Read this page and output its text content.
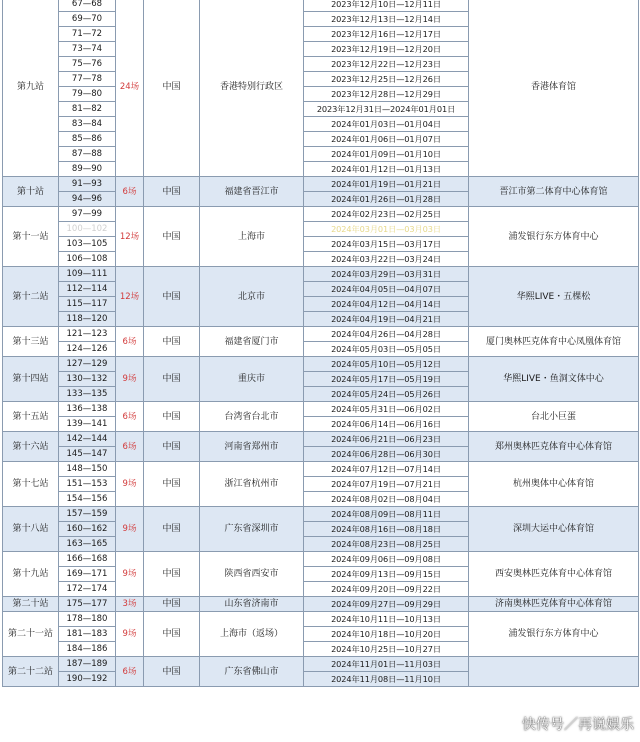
第九站	67—68	24场	中国	香港特别行政区	2023年12月10日—12月11日	香港体育馆
	69—70				2023年12月13日—12月14日	
	71—72				2023年12月16日—12月17日	
	73—74				2023年12月19日—12月20日	
	75—76				2023年12月22日—12月23日	
	77—78				2023年12月25日—12月26日	
	79—80				2023年12月28日—12月29日	
	81—82				2023年12月31日—2024年01月01日	
	83—84				2024年01月03日—01月04日	
	85—86				2024年01月06日—01月07日	
	87—88				2024年01月09日—01月10日	
	89—90				2024年01月12日—01月13日	
第十站	91—93	6场	中国	福建省晋江市	2024年01月19日—01月21日	晋江市第二体育中心体育馆
	94—96				2024年01月26日—01月28日	
第十一站	97—99	12场	中国	上海市	2024年02月23日—02月25日	浦发银行东方体育中心
	100—102				2024年03月01日—03月03日	
	103—105				2024年03月15日—03月17日	
	106—108				2024年03月22日—03月24日	
第十二站	109—111	12场	中国	北京市	2024年03月29日—03月31日	华熙LIVE・五棵松
	112—114				2024年04月05日—04月07日	
	115—117				2024年04月12日—04月14日	
	118—120				2024年04月19日—04月21日	
第十三站	121—123	6场	中国	福建省厦门市	2024年04月26日—04月28日	厦门奥林匹克体育中心凤凰体育馆
	124—126				2024年05月03日—05月05日	
第十四站	127—129	9场	中国	重庆市	2024年05月10日—05月12日	华熙LIVE・鱼洞文体中心
	130—132				2024年05月17日—05月19日	
	133—135				2024年05月24日—05月26日	
第十五站	136—138	6场	中国	台湾省台北市	2024年05月31日—06月02日	台北小巨蛋
	139—141				2024年06月14日—06月16日	
第十六站	142—144	6场	中国	河南省郑州市	2024年06月21日—06月23日	郑州奥林匹克体育中心体育馆
	145—147				2024年06月28日—06月30日	
第十七站	148—150	9场	中国	浙江省杭州市	2024年07月12日—07月14日	杭州奥体中心体育馆
	151—153				2024年07月19日—07月21日	
	154—156				2024年08月02日—08月04日	
第十八站	157—159	9场	中国	广东省深圳市	2024年08月09日—08月11日	深圳大运中心体育馆
	160—162				2024年08月16日—08月18日	
	163—165				2024年08月23日—08月25日	
第十九站	166—168	9场	中国	陕西省西安市	2024年09月06日—09月08日	西安奥林匹克体育中心体育馆
	169—171				2024年09月13日—09月15日	
	172—174				2024年09月20日—09月22日	
第二十站	175—177	3场	中国	山东省济南市	2024年09月27日—09月29日	济南奥林匹克体育中心体育馆
第二十一站	178—180	9场	中国	上海市（返场）	2024年10月11日—10月13日	浦发银行东方体育中心
	181—183				2024年10月18日—10月20日	
	184—186				2024年10月25日—10月27日	
第二十二站	187—189	6场	中国	广东省佛山市	2024年11月01日—11月03日	
	190—192				2024年11月08日—11月10日	
快传号／再说娱乐
